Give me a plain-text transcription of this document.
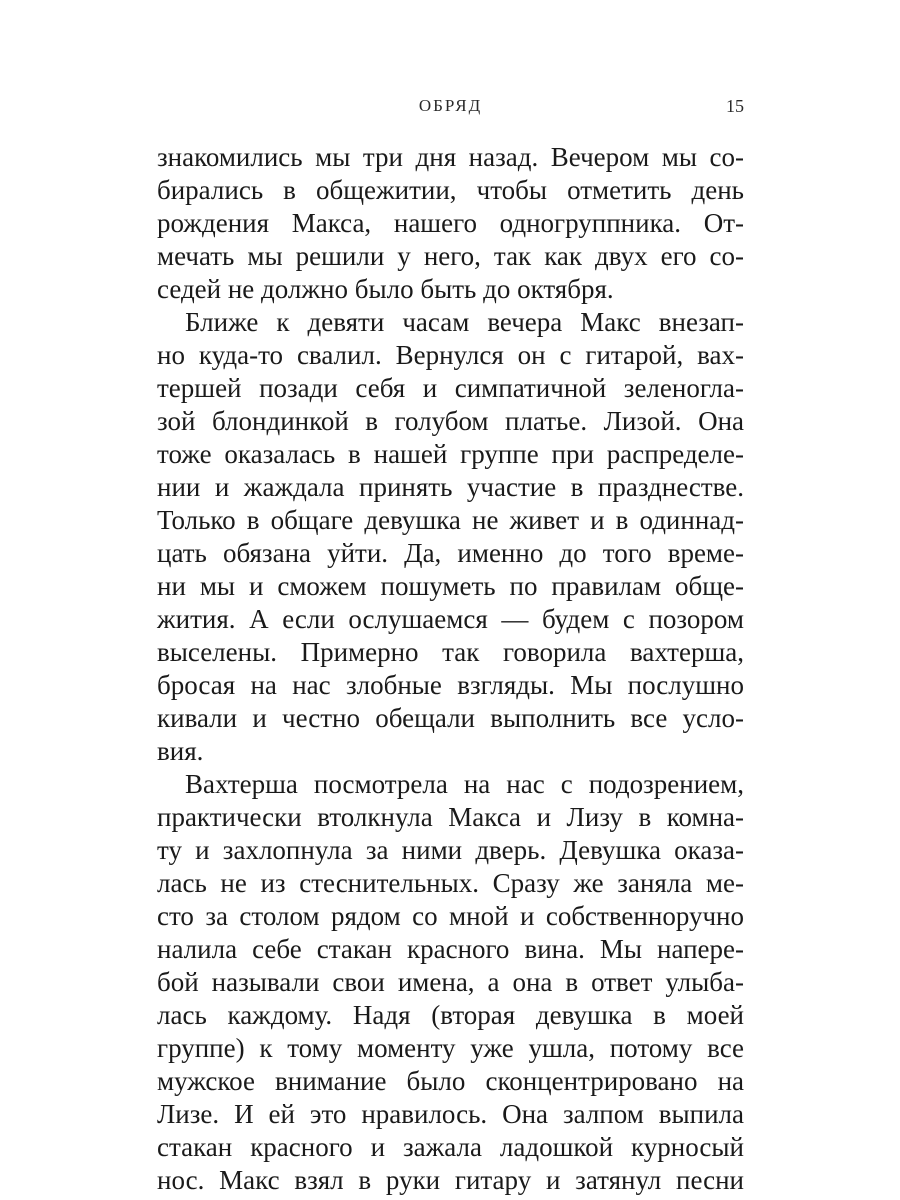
ОБРЯД	15
знакомились мы три дня назад. Вечером мы со-
бирались в общежитии, чтобы отметить день
рождения Макса, нашего одногруппника. От-
мечать мы решили у него, так как двух его со-
седей не должно было быть до октября.
Ближе к девяти часам вечера Макс внезап-
но куда-то свалил. Вернулся он с гитарой, вах-
тершей позади себя и симпатичной зеленогла-
зой блондинкой в голубом платье. Лизой. Она
тоже оказалась в нашей группе при распределе-
нии и жаждала принять участие в празднестве.
Только в общаге девушка не живет и в одиннад-
цать обязана уйти. Да, именно до того време-
ни мы и сможем пошуметь по правилам обще-
жития. А если ослушаемся — будем с позором
выселены. Примерно так говорила вахтерша,
бросая на нас злобные взгляды. Мы послушно
кивали и честно обещали выполнить все усло-
вия.
Вахтерша посмотрела на нас с подозрением,
практически втолкнула Макса и Лизу в комна-
ту и захлопнула за ними дверь. Девушка оказа-
лась не из стеснительных. Сразу же заняла ме-
сто за столом рядом со мной и собственноручно
налила себе стакан красного вина. Мы напере-
бой называли свои имена, а она в ответ улыба-
лась каждому. Надя (вторая девушка в моей
группе) к тому моменту уже ушла, потому все
мужское внимание было сконцентрировано на
Лизе. И ей это нравилось. Она залпом выпила
стакан красного и зажала ладошкой курносый
нос. Макс взял в руки гитару и затянул песни
